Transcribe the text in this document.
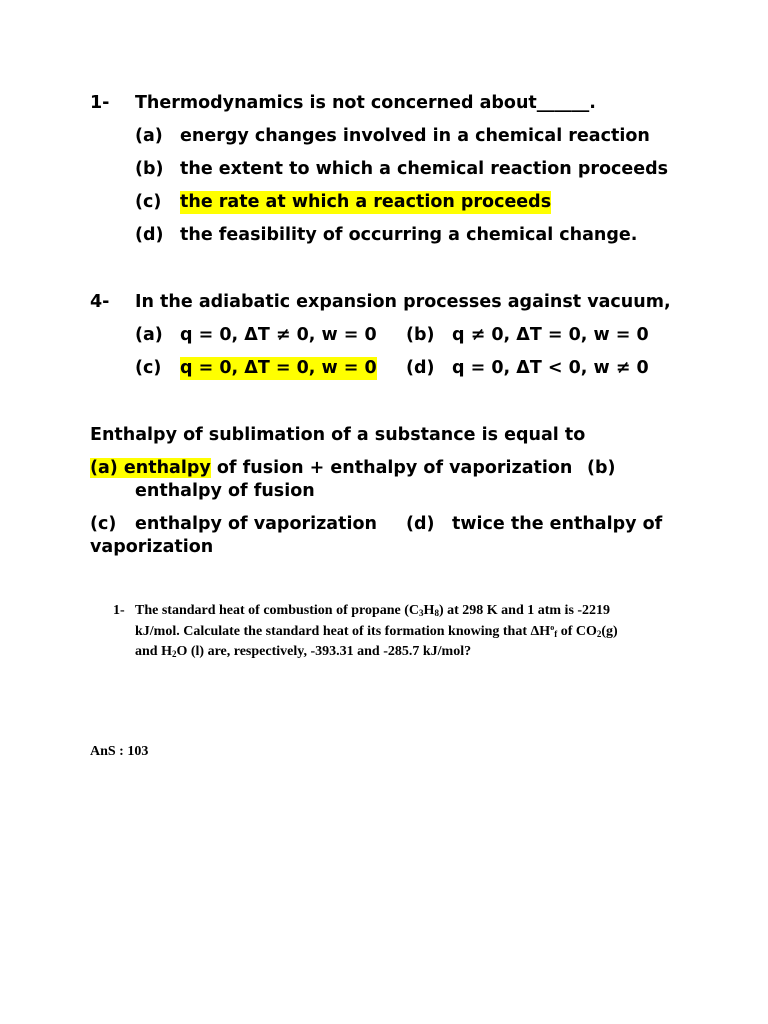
1- Thermodynamics is not concerned about______.
(a) energy changes involved in a chemical reaction
(b) the extent to which a chemical reaction proceeds
(c) the rate at which a reaction proceeds
(d) the feasibility of occurring a chemical change.
4- In the adiabatic expansion processes against vacuum,
(a) q = 0, ΔT ≠ 0, w = 0 (b) q ≠ 0, ΔT = 0, w = 0
(c) q = 0, ΔT = 0, w = 0 (d) q = 0, ΔT < 0, w ≠ 0
Enthalpy of sublimation of a substance is equal to
(a) enthalpy of fusion + enthalpy of vaporization (b)
enthalpy of fusion
(c) enthalpy of vaporization (d) twice the enthalpy of
vaporization
1- The standard heat of combustion of propane $(C_3H_8)$ at 298 K and 1 atm is -2219
kJ/mol. Calculate the standard heat of its formation knowing that $\Delta H^o_f$ of $CO_2(g)$
and $H_2O$ (l) are, respectively, -393.31 and -285.7 kJ/mol?
AnS : 103
